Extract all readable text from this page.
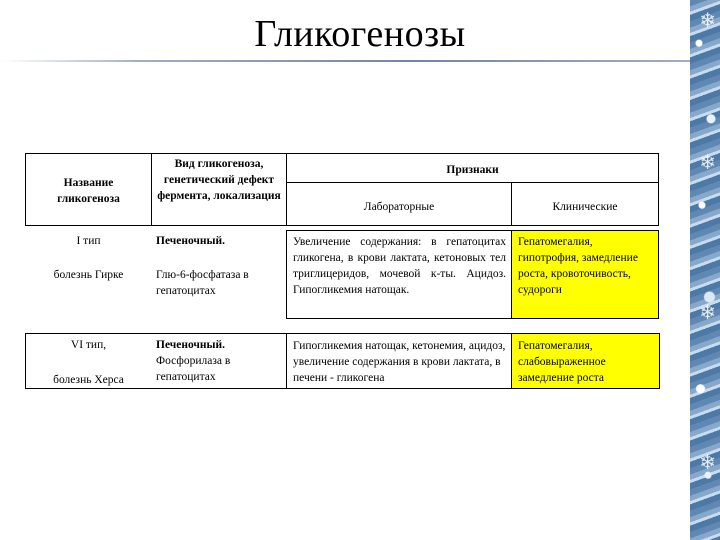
❄
❄
❄
❄
Гликогенозы
Название гликогеноза
Вид гликогеноза, генетический дефект фермента, локализация
Признаки
Лабораторные	Клинические
I тип
болезнь Гирке
Печеночный.
Глю-6-фосфатаза в гепатоцитах
Увеличение содержания: в гепатоцитах гликогена, в крови лактата, кетоновых тел триглицеридов, мочевой к-ты. Ацидоз. Гипогликемия натощак.
Гепатомегалия, гипотрофия, замедление роста, кровоточивость, судороги
VI тип,
болезнь Херса
Печеночный.
Фосфорилаза в гепатоцитах
Гипогликемия натощак, кетонемия, ацидоз, увеличение содержания в крови лактата, в печени - гликогена
Гепатомегалия, слабовыраженное замедление роста
